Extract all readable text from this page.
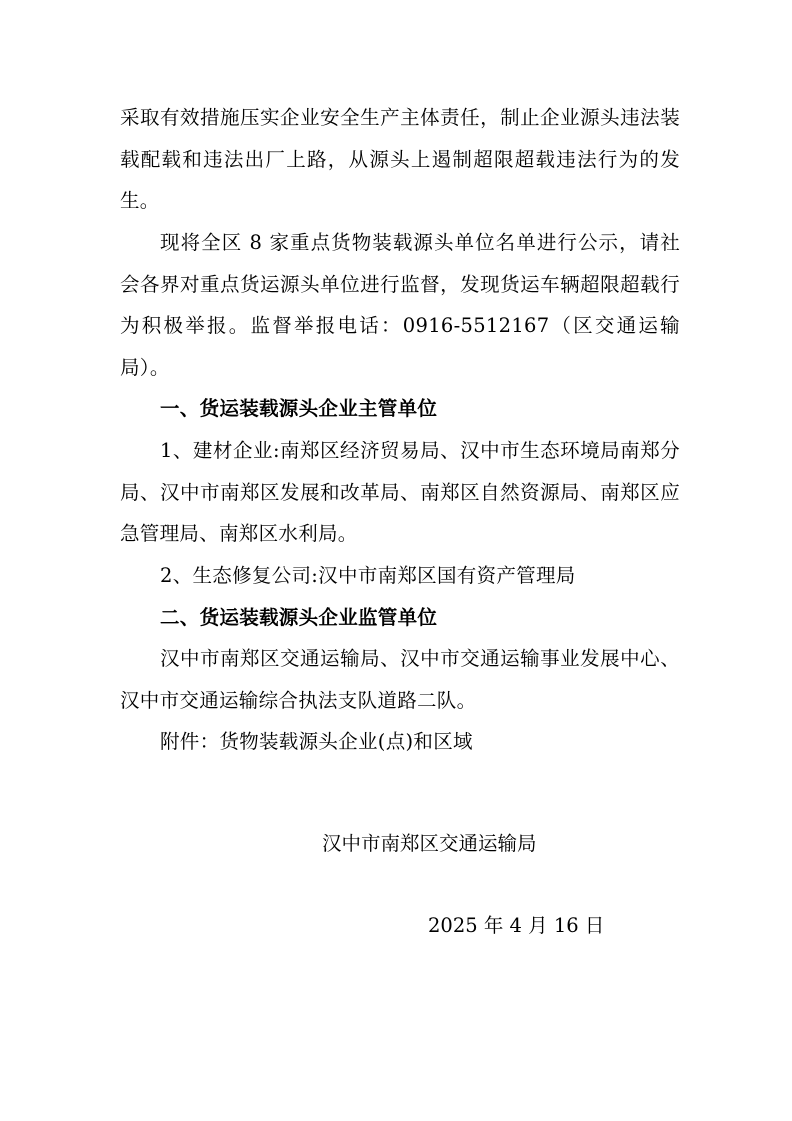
采取有效措施压实企业安全生产主体责任，制止企业源头违法装载配载和违法出厂上路，从源头上遏制超限超载违法行为的发生。
现将全区 8 家重点货物装载源头单位名单进行公示，请社会各界对重点货运源头单位进行监督，发现货运车辆超限超载行为积极举报。监督举报电话：0916-5512167（区交通运输局）。
一、货运装载源头企业主管单位
1、建材企业:南郑区经济贸易局、汉中市生态环境局南郑分局、汉中市南郑区发展和改革局、南郑区自然资源局、南郑区应急管理局、南郑区水利局。
2、生态修复公司:汉中市南郑区国有资产管理局
二、货运装载源头企业监管单位
汉中市南郑区交通运输局、汉中市交通运输事业发展中心、汉中市交通运输综合执法支队道路二队。
附件：货物装载源头企业(点)和区域
汉中市南郑区交通运输局
2025 年 4 月 16 日
